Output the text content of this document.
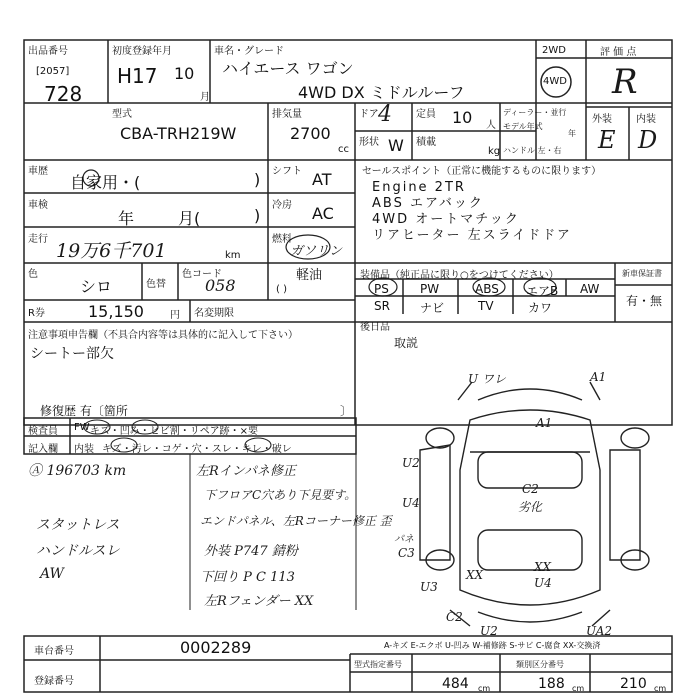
出品番号
[2057]
728
初度登録年月
H17 10
月
車名・グレード
ハイエース ワゴン
4WD DX ミドルルーフ
2WD
4WD
評 価 点
R
外装 内装
E D
型式
CBA-TRH219W
排気量
2700
cc
ドア 4
形状 W
定員 10 人
積載
kg
ディーラー・並行
モデル年式
年
ハンドル 左・右
車歴
自家用・(	)
車検
年	月(	)
走行
19万6千701	km
色
シロ	色替
色コード
058
シフト AT
冷房 AC
燃料
ガソリン
軽油
( )
R券	15,150	円 名変期限
セールスポイント（正常に機能するものに限ります）
Engine 2TR
ABS エアバック
4WD オートマチック
リアヒーター 左スライドドア
装備品（純正品に限り○をつけてください）
PS	PW	ABS エアB AW
SR	ナビ	TV	カワ
新車保証書
有・無
後日品
取説
注意事項申告欄（不具合内容等は具体的に記入して下さい）
シートー部欠
修復歴 有〔箇所	〕
検査員
記入欄
FW キズ・凹み・ヒビ割・リペア跡・×要
内装 キズ・汚レ・コゲ・穴・スレ・キレ・破レ
Ⓐ 196703 km
スタットレス
ハンドルスレ
AW
左Rインパネ修正
下フロアC穴あり下見要す。
エンドパネル、左Rコーナー修正 歪
外装 P747 錆粉
下回り P C 113
左Rフェンダー XX
U ワレ	A1
A1
U2
U4
C2
劣化
パネ
C3
U3
XX
XX
U4
C2
U2	UA2
A-キズ E-エクボ U-凹み W-補修跡 S-サビ C-腐食 XX-交換済
車台番号	0002289
登録番号
型式指定番号	類別区分番号
484 cm	188 cm	210 cm
